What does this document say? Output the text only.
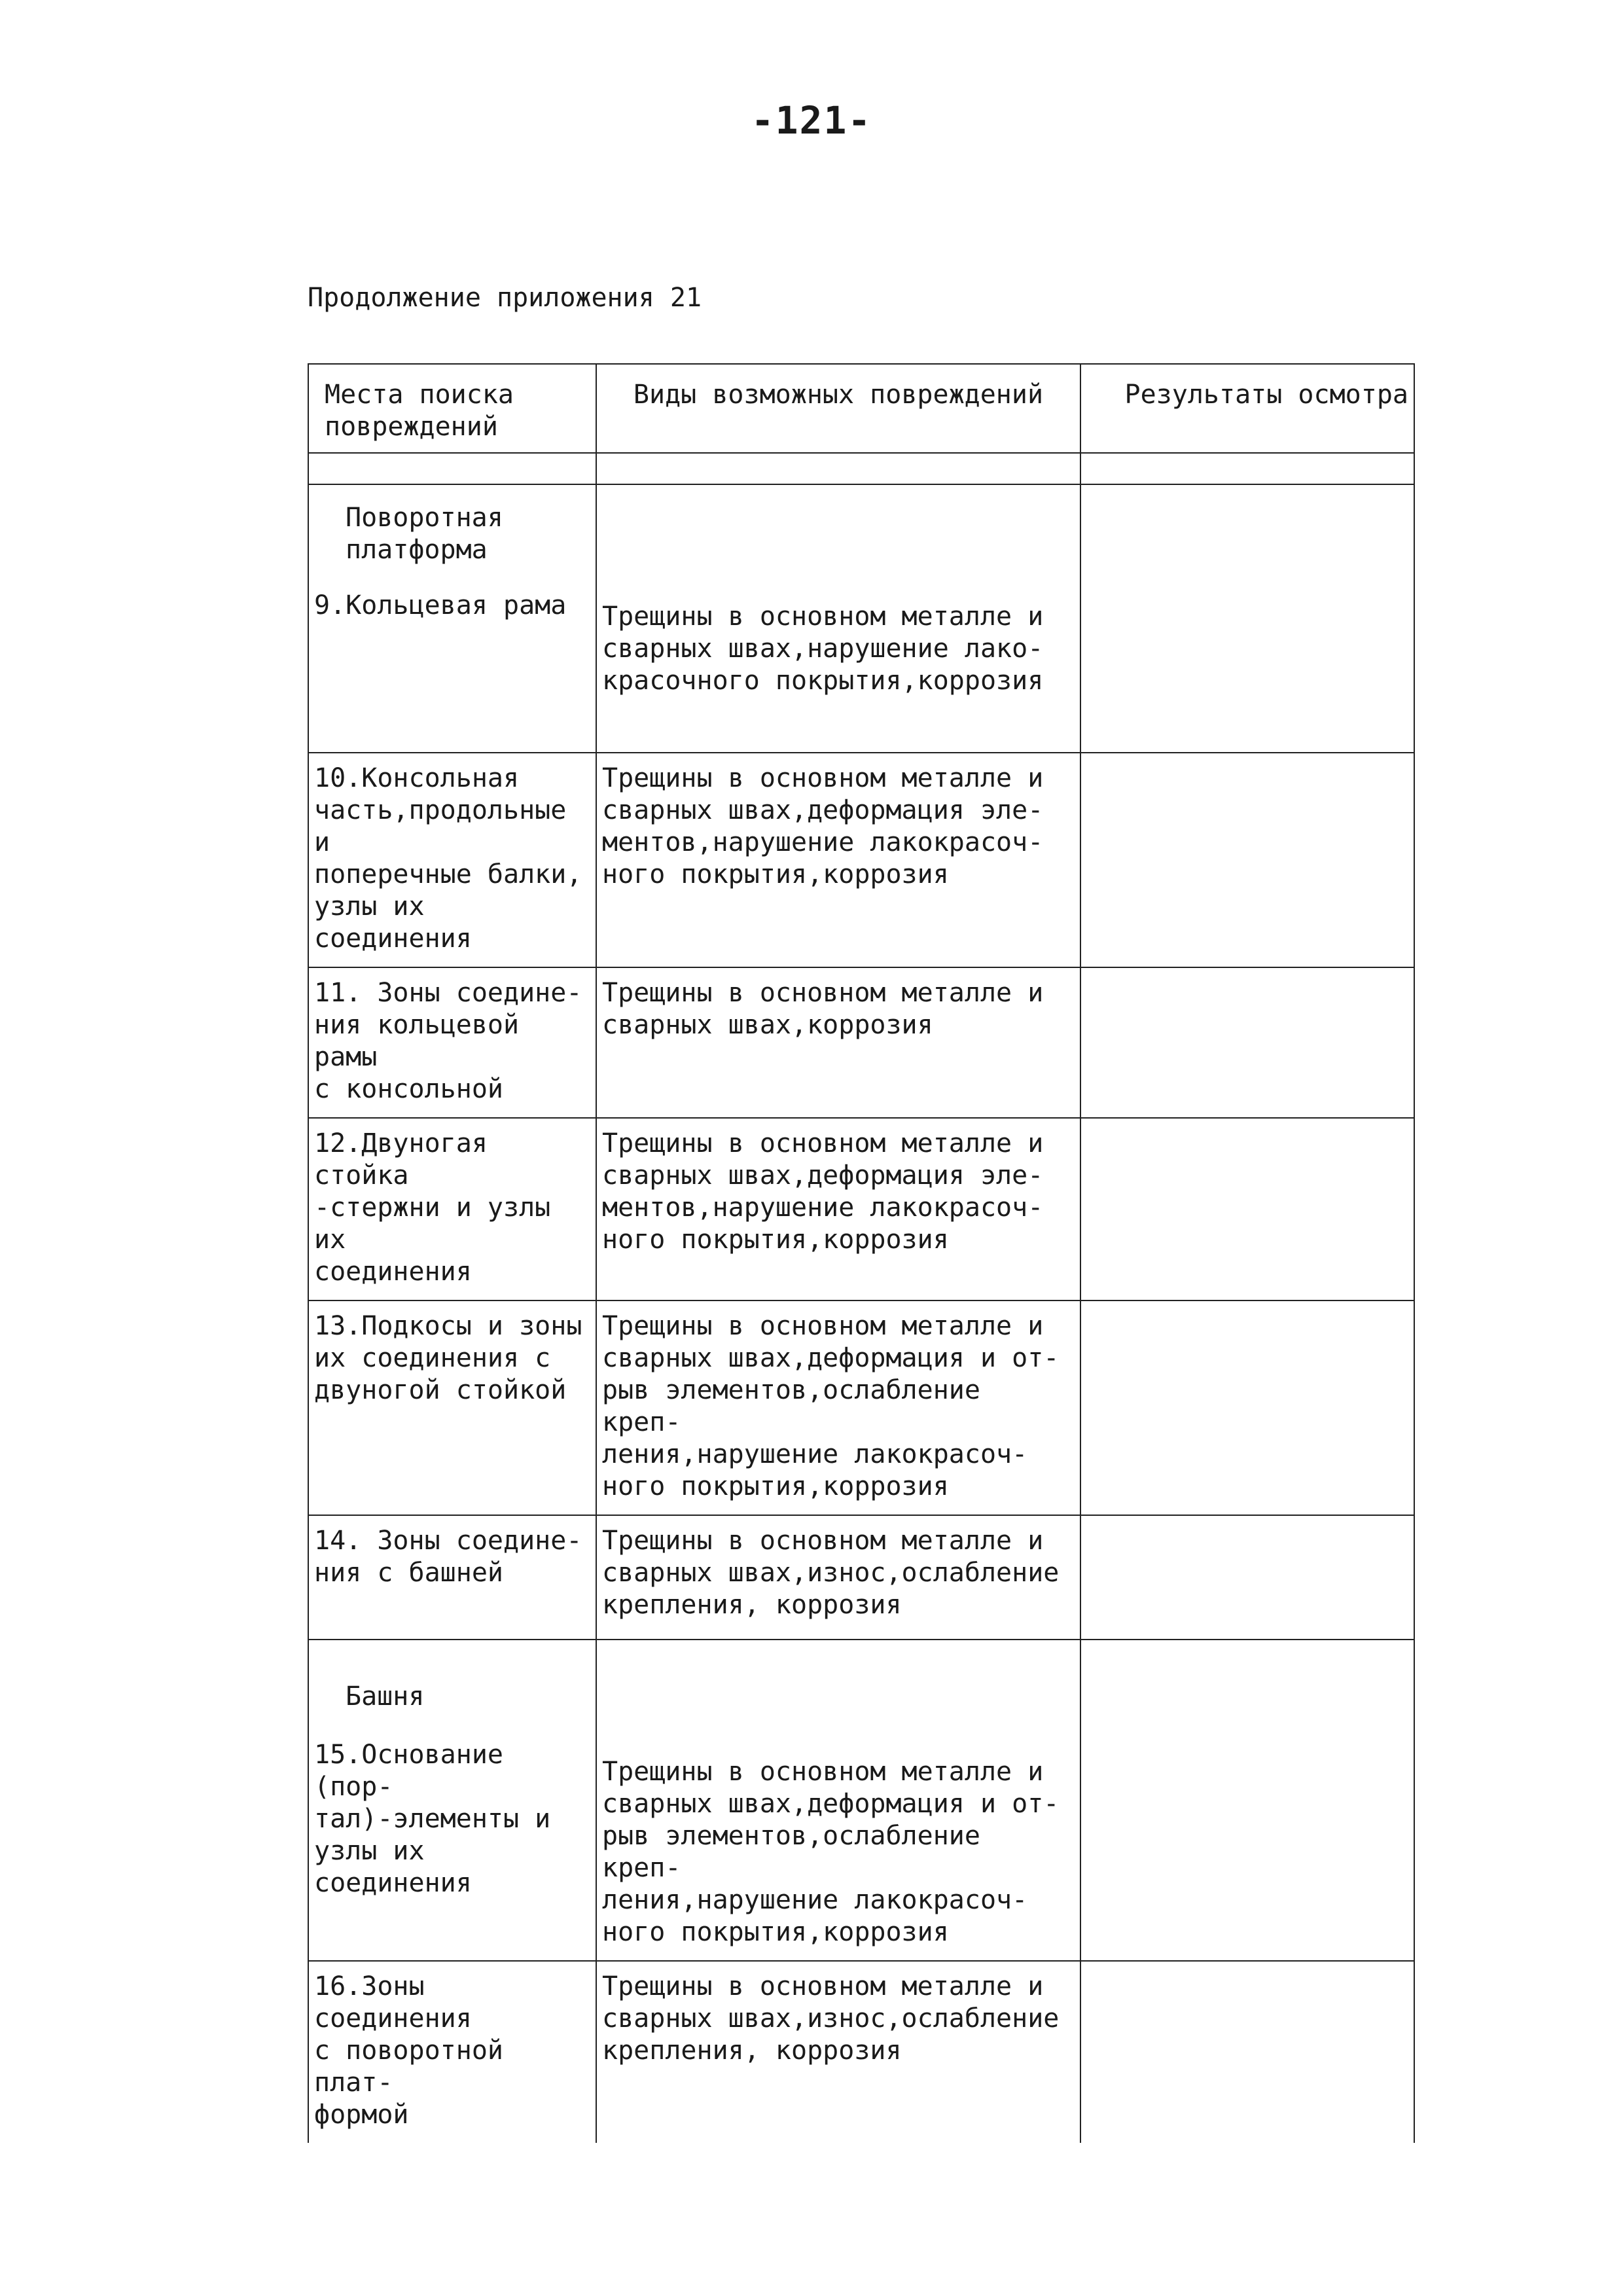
-121-
Продолжение приложения 21
Места поиска
повреждений	Виды возможных повреждений	Результаты осмотра

Поворотная
платформа
9.Кольцевая рама	Трещины в основном металле и
сварных швах,нарушение лако-
красочного покрытия,коррозия	
10.Консольная
часть,продольные и
поперечные балки,
узлы их соединения	Трещины в основном металле и
сварных швах,деформация эле-
ментов,нарушение лакокрасоч-
ного покрытия,коррозия	
11. Зоны соедине-
ния кольцевой рамы
с консольной	Трещины в основном металле и
сварных швах,коррозия	
12.Двуногая стойка
-стержни и узлы их
соединения	Трещины в основном металле и
сварных швах,деформация эле-
ментов,нарушение лакокрасоч-
ного покрытия,коррозия	
13.Подкосы и зоны
их соединения с
двуногой стойкой	Трещины в основном металле и
сварных швах,деформация и от-
рыв элементов,ослабление креп-
ления,нарушение лакокрасоч-
ного покрытия,коррозия	
14. Зоны соедине-
ния с башней	Трещины в основном металле и
сварных швах,износ,ослабление
крепления, коррозия	

Башня
15.Основание (пор-
тал)-элементы и
узлы их соединения	Трещины в основном металле и
сварных швах,деформация и от-
рыв элементов,ослабление креп-
ления,нарушение лакокрасоч-
ного покрытия,коррозия	
16.Зоны соединения
с поворотной плат-
формой	Трещины в основном металле и
сварных швах,износ,ослабление
крепления, коррозия	
